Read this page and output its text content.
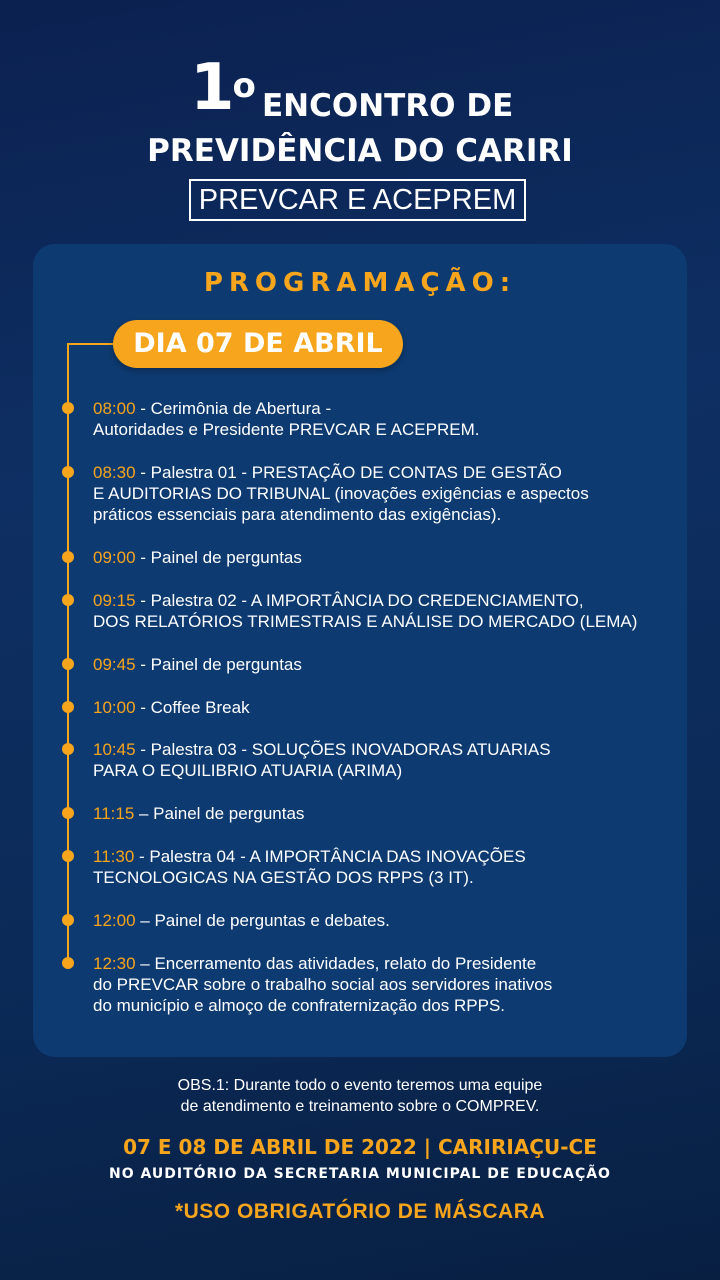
1$^o$ ENCONTRO DE
PREVIDÊNCIA DO CARIRI
PREVCAR E ACEPREM
PROGRAMAÇÃO:
DIA 07 DE ABRIL
08:00 - Cerimônia de Abertura -
Autoridades e Presidente PREVCAR E ACEPREM.
08:30 - Palestra 01 - PRESTAÇÃO DE CONTAS DE GESTÃO
E AUDITORIAS DO TRIBUNAL (inovações exigências e aspectos
práticos essenciais para atendimento das exigências).
09:00 - Painel de perguntas
09:15 - Palestra 02 - A IMPORTÂNCIA DO CREDENCIAMENTO,
DOS RELATÓRIOS TRIMESTRAIS E ANÁLISE DO MERCADO (LEMA)
09:45 - Painel de perguntas
10:00 - Coffee Break
10:45 - Palestra 03 - SOLUÇÕES INOVADORAS ATUARIAS
PARA O EQUILIBRIO ATUARIA (ARIMA)
11:15 – Painel de perguntas
11:30 - Palestra 04 - A IMPORTÂNCIA DAS INOVAÇÕES
TECNOLOGICAS NA GESTÃO DOS RPPS (3 IT).
12:00 – Painel de perguntas e debates.
12:30 – Encerramento das atividades, relato do Presidente
do PREVCAR sobre o trabalho social aos servidores inativos
do município e almoço de confraternização dos RPPS.
OBS.1: Durante todo o evento teremos uma equipe
de atendimento e treinamento sobre o COMPREV.
07 E 08 DE ABRIL DE 2022 | CARIRIAÇU-CE
NO AUDITÓRIO DA SECRETARIA MUNICIPAL DE EDUCAÇÃO
*USO OBRIGATÓRIO DE MÁSCARA
